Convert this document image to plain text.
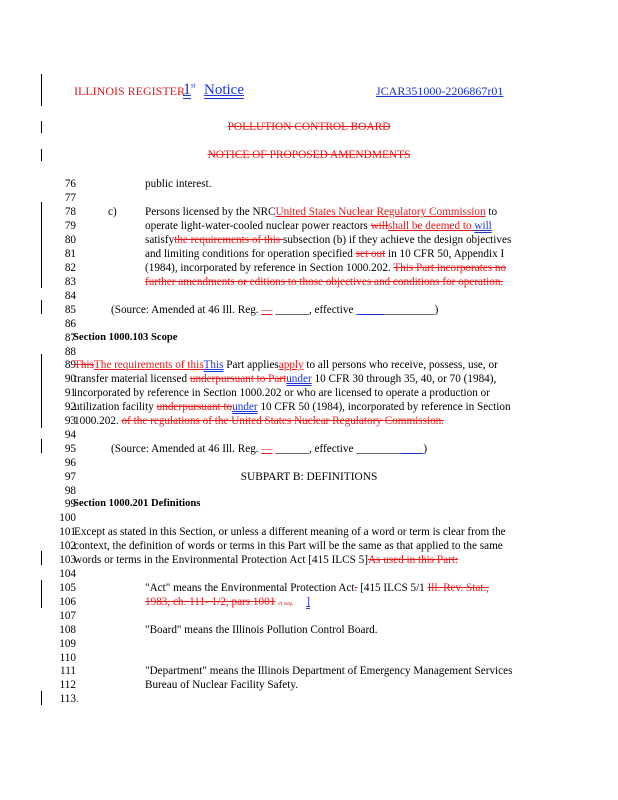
ILLINOIS REGISTER
1st Notice	JCAR351000-2206867r01
POLLUTION CONTROL BOARD
NOTICE OF PROPOSED AMENDMENTS
76
77
78
79
80
81
82
83
84
85
86
87
88
89
90
91
92
93
94
95
96
97
98
99
100
101
102
103
104
105
106
107
108
109
110
111
112
113
public interest.
c)	Persons licensed by the NRCUnited States Nuclear Regulatory Commission to
operate light-water-cooled nuclear power reactors willshall be deemed to will
satisfythe requirements of this subsection (b) if they achieve the design objectives
and limiting conditions for operation specified set out in 10 CFR 50, Appendix I
(1984), incorporated by reference in Section 1000.202. This Part incorporates no
further amendments or editions to those objectives and conditions for operation.
(Source: Amended at 46 Ill. Reg. — ______, effective ______________)
Section 1000.103 Scope
ThisThe requirements of thisThis Part appliesapply to all persons who receive, possess, use, or
transfer material licensed underpursuant to Partunder 10 CFR 30 through 35, 40, or 70 (1984),
incorporated by reference in Section 1000.202 or who are licensed to operate a production or
utilization facility underpursuant tounder 10 CFR 50 (1984), incorporated by reference in Section
1000.202. of the regulations of the United States Nuclear Regulatory Commission.
(Source: Amended at 46 Ill. Reg. — ______, effective ____________)
SUBPART B: DEFINITIONS
Section 1000.201 Definitions
Except as stated in this Section, or unless a different meaning of a word or term is clear from the
context, the definition of words or terms in this Part will be the same as that applied to the same
words or terms in the Environmental Protection Act [415 ILCS 5]As used in this Part:
"Act" means the Environmental Protection Act. [415 ILCS 5/1 Ill. Rev. Stat.,
1983, ch. 111- 1/2, pars 1001 et seq. ]
"Board" means the Illinois Pollution Control Board.
"Department" means the Illinois Department of Emergency Management Services
Bureau of Nuclear Facility Safety.
.
